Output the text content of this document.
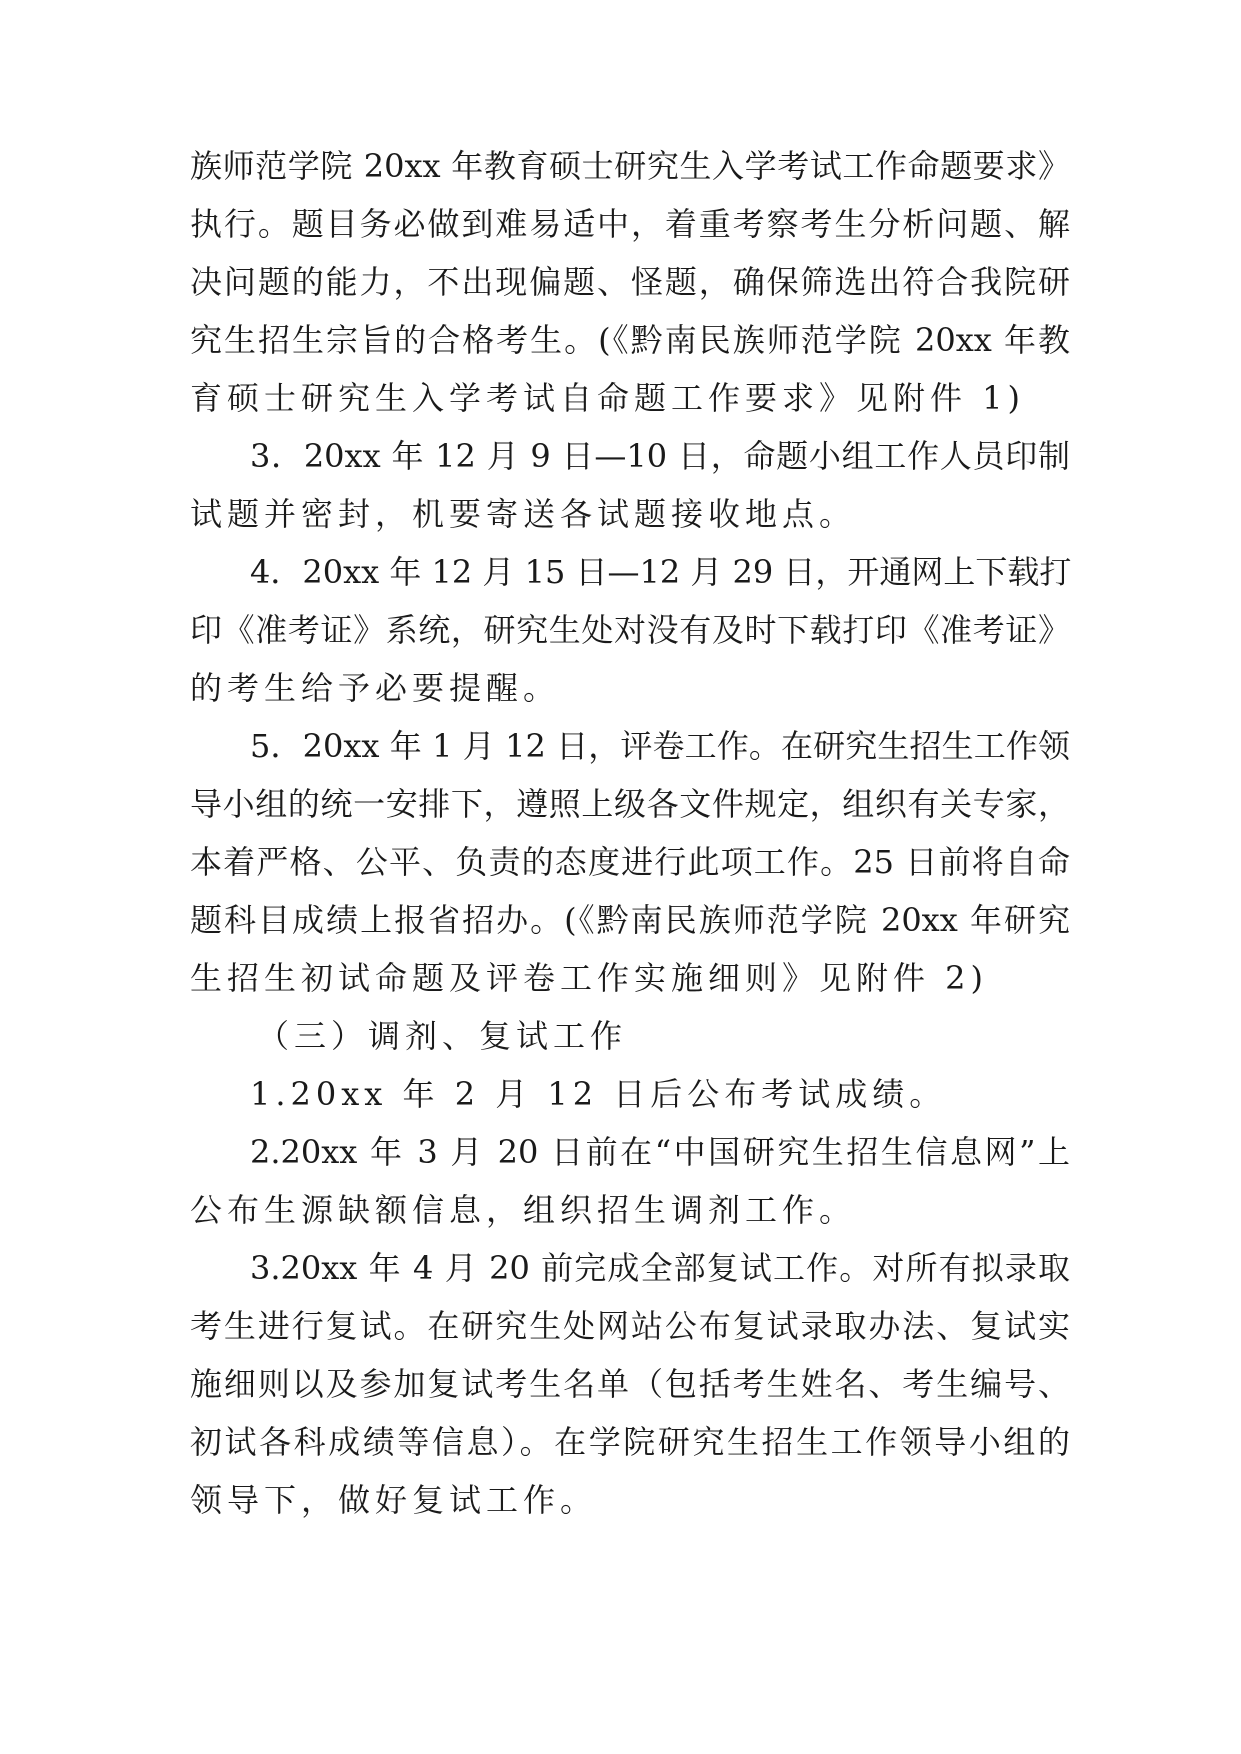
族师范学院 20xx 年教育硕士研究生入学考试工作命题要求》
执行。题目务必做到难易适中，着重考察考生分析问题、解
决问题的能力，不出现偏题、怪题，确保筛选出符合我院研
究生招生宗旨的合格考生。(《黔南民族师范学院 20xx 年教
育硕士研究生入学考试自命题工作要求》见附件 1)
3．20xx 年 12 月 9 日—10 日，命题小组工作人员印制
试题并密封，机要寄送各试题接收地点。
4．20xx 年 12 月 15 日—12 月 29 日，开通网上下载打
印《准考证》系统，研究生处对没有及时下载打印《准考证》
的考生给予必要提醒。
5．20xx 年 1 月 12 日，评卷工作。在研究生招生工作领
导小组的统一安排下，遵照上级各文件规定，组织有关专家，
本着严格、公平、负责的态度进行此项工作。25 日前将自命
题科目成绩上报省招办。(《黔南民族师范学院 20xx 年研究
生招生初试命题及评卷工作实施细则》见附件 2)
（三）调剂、复试工作
1.20xx 年 2 月 12 日后公布考试成绩。
2.20xx 年 3 月 20 日前在“中国研究生招生信息网”上
公布生源缺额信息，组织招生调剂工作。
3.20xx 年 4 月 20 前完成全部复试工作。对所有拟录取
考生进行复试。在研究生处网站公布复试录取办法、复试实
施细则以及参加复试考生名单（包括考生姓名、考生编号、
初试各科成绩等信息）。在学院研究生招生工作领导小组的
领导下，做好复试工作。
